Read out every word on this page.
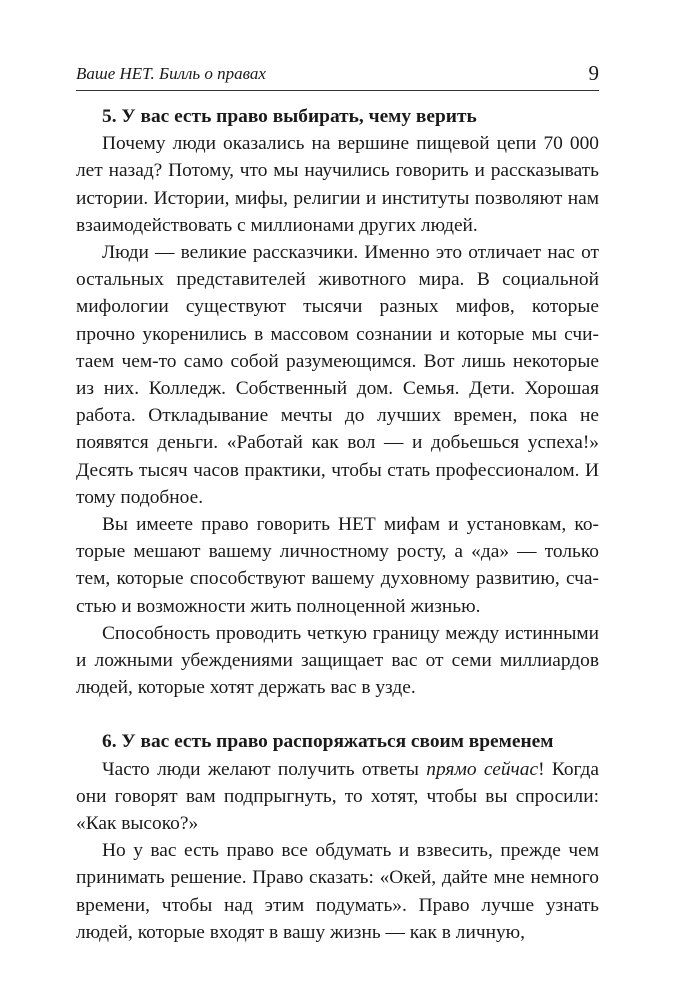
Ваше НЕТ. Билль о правах	9

5. У вас есть право выбирать, чему верить

Почему люди оказались на вершине пищевой цепи 70 000 лет назад? Потому, что мы научились говорить и рассказывать истории. Истории, мифы, религии и институты позволяют нам взаимодействовать с миллионами других людей.

Люди — великие рассказчики. Именно это отличает нас от остальных представителей животного мира. В социальной мифологии существуют тысячи разных мифов, которые прочно укоренились в массовом сознании и которые мы считаем чем-то само собой разумеющимся. Вот лишь некоторые из них. Колледж. Собственный дом. Семья. Дети. Хорошая работа. Откладывание мечты до лучших времен, пока не появятся деньги. «Работай как вол — и добьешься успеха!» Десять тысяч часов практики, чтобы стать профессионалом. И тому подобное.

Вы имеете право говорить НЕТ мифам и установкам, которые мешают вашему личностному росту, а «да» — только тем, которые способствуют вашему духовному развитию, счастью и возможности жить полноценной жизнью.

Способность проводить четкую границу между истинными и ложными убеждениями защищает вас от семи миллиардов людей, которые хотят держать вас в узде.

6. У вас есть право распоряжаться своим временем

Часто люди желают получить ответы прямо сейчас! Когда они говорят вам подпрыгнуть, то хотят, чтобы вы спросили: «Как высоко?»

Но у вас есть право все обдумать и взвесить, прежде чем принимать решение. Право сказать: «Окей, дайте мне немного времени, чтобы над этим подумать». Право лучше узнать людей, которые входят в вашу жизнь — как в личную,
